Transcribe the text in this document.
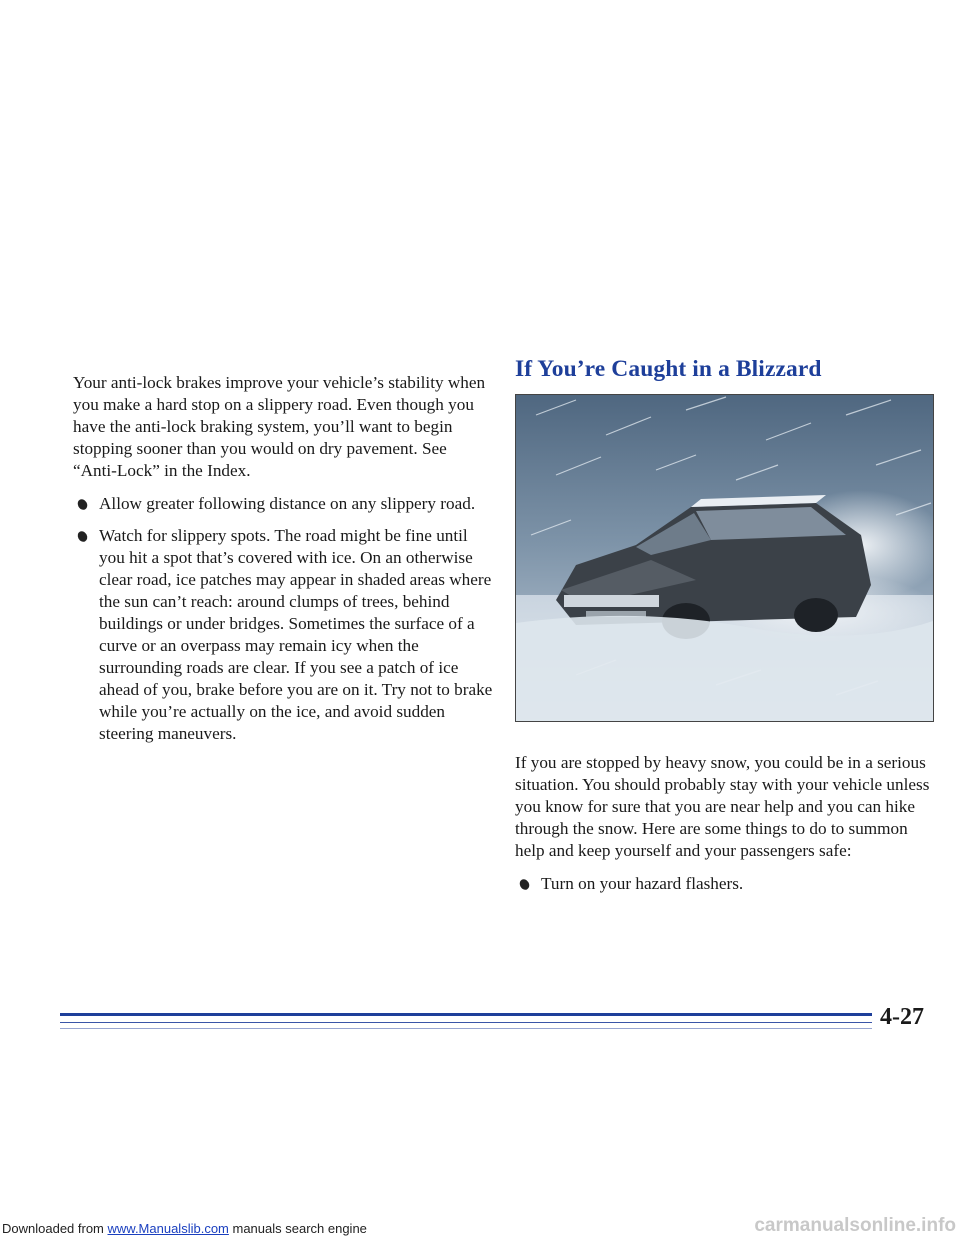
Your anti-lock brakes improve your vehicle’s stability when you make a hard stop on a slippery road. Even though you have the anti-lock braking system, you’ll want to begin stopping sooner than you would on dry pavement. See “Anti-Lock” in the Index.

Allow greater following distance on any slippery road.
Watch for slippery spots. The road might be fine until you hit a spot that’s covered with ice. On an otherwise clear road, ice patches may appear in shaded areas where the sun can’t reach: around clumps of trees, behind buildings or under bridges. Sometimes the surface of a curve or an overpass may remain icy when the surrounding roads are clear. If you see a patch of ice ahead of you, brake before you are on it. Try not to brake while you’re actually on the ice, and avoid sudden steering maneuvers.
If You’re Caught in a Blizzard

If you are stopped by heavy snow, you could be in a serious situation. You should probably stay with your vehicle unless you know for sure that you are near help and you can hike through the snow. Here are some things to do to summon help and keep yourself and your passengers safe:

Turn on your hazard flashers.
4-27
Downloaded from www.Manualslib.com manuals search engine	carmanualsonline.info
